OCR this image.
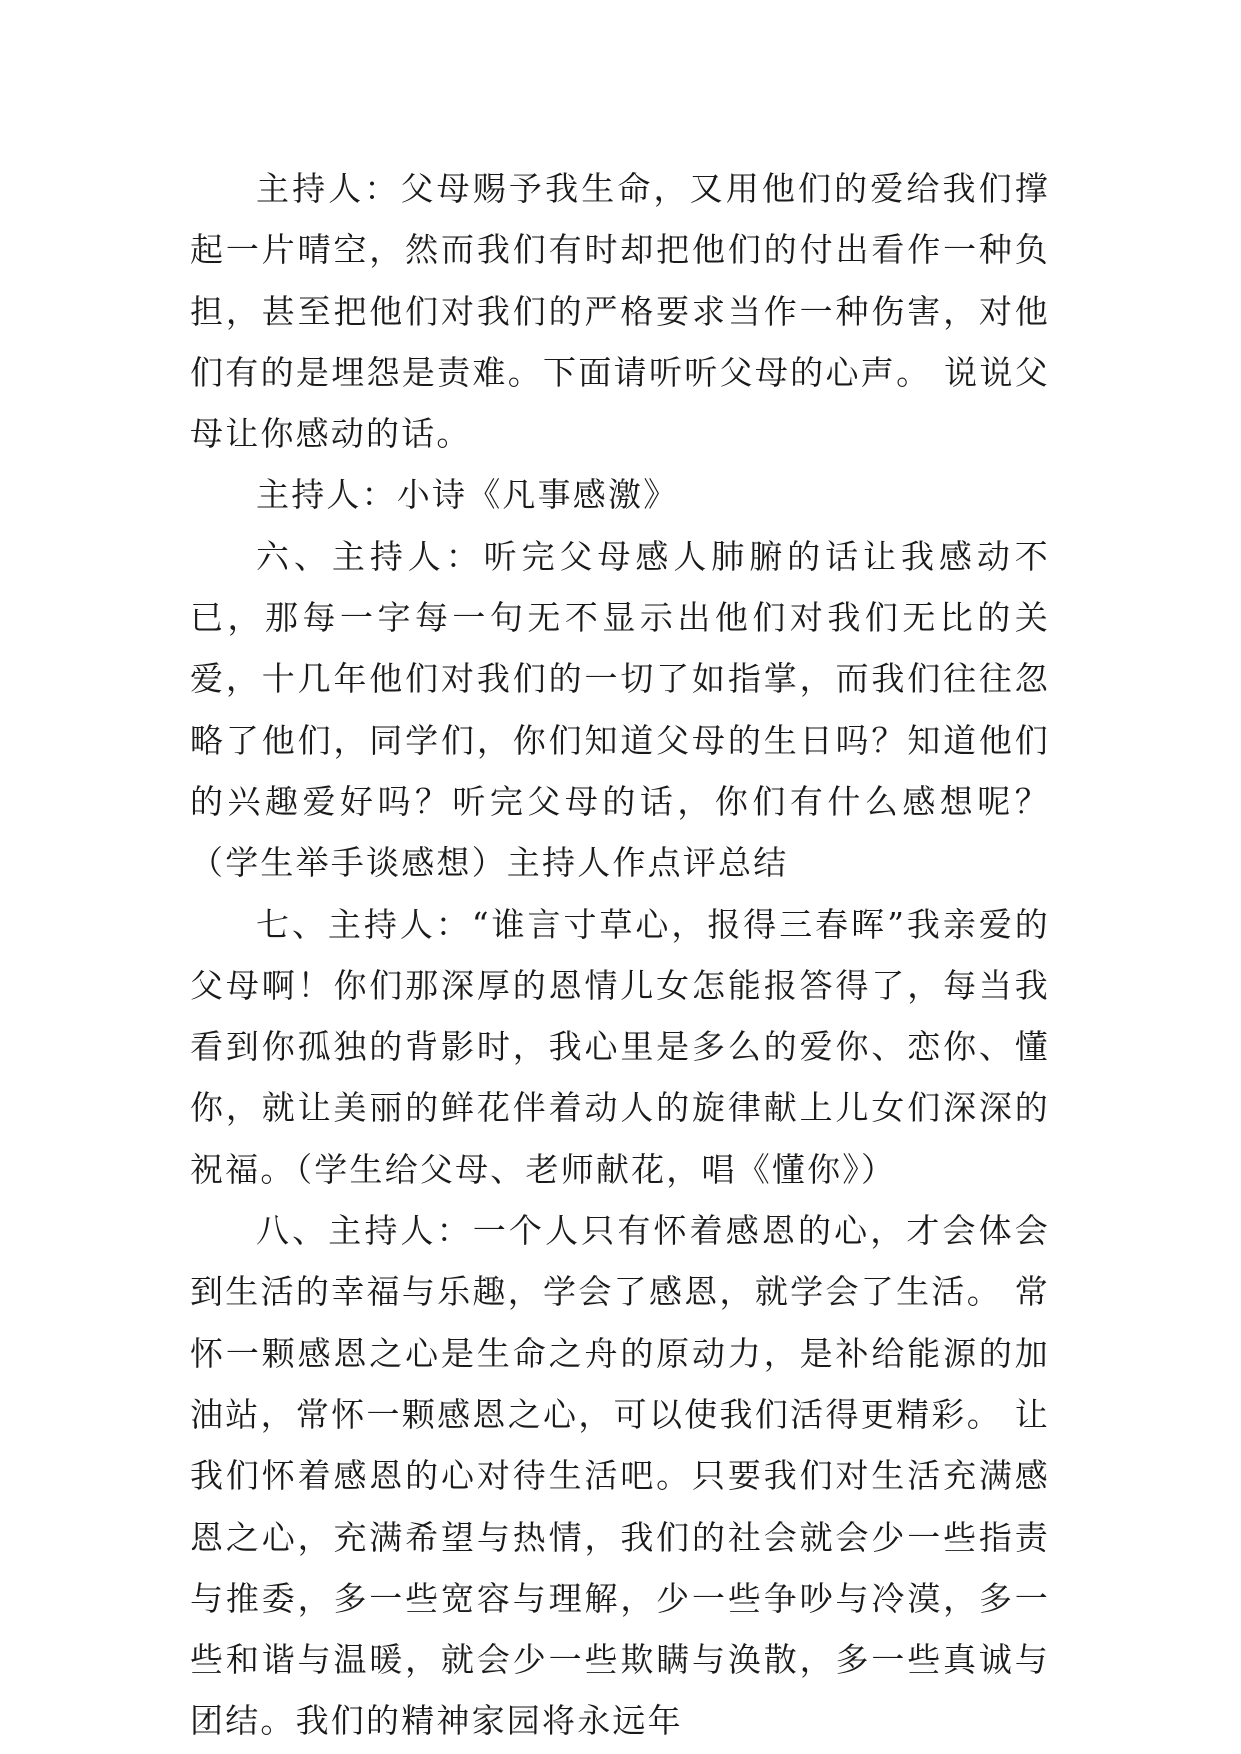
主持人：父母赐予我生命，又用他们的爱给我们撑起一片晴空，然而我们有时却把他们的付出看作一种负担，甚至把他们对我们的严格要求当作一种伤害，对他们有的是埋怨是责难。下面请听听父母的心声。 说说父母让你感动的话。

主持人：小诗《凡事感激》

六、主持人：听完父母感人肺腑的话让我感动不已，那每一字每一句无不显示出他们对我们无比的关爱，十几年他们对我们的一切了如指掌，而我们往往忽略了他们，同学们，你们知道父母的生日吗？知道他们的兴趣爱好吗？听完父母的话，你们有什么感想呢？（学生举手谈感想）主持人作点评总结

七、主持人：“谁言寸草心，报得三春晖”我亲爱的父母啊！你们那深厚的恩情儿女怎能报答得了，每当我看到你孤独的背影时，我心里是多么的爱你、恋你、懂你，就让美丽的鲜花伴着动人的旋律献上儿女们深深的祝福。（学生给父母、老师献花，唱《懂你》）

八、主持人：一个人只有怀着感恩的心，才会体会到生活的幸福与乐趣，学会了感恩，就学会了生活。 常怀一颗感恩之心是生命之舟的原动力，是补给能源的加油站，常怀一颗感恩之心，可以使我们活得更精彩。 让我们怀着感恩的心对待生活吧。只要我们对生活充满感恩之心，充满希望与热情，我们的社会就会少一些指责与推委，多一些宽容与理解，少一些争吵与冷漠，多一些和谐与温暖，就会少一些欺瞒与涣散，多一些真诚与团结。我们的精神家园将永远年
